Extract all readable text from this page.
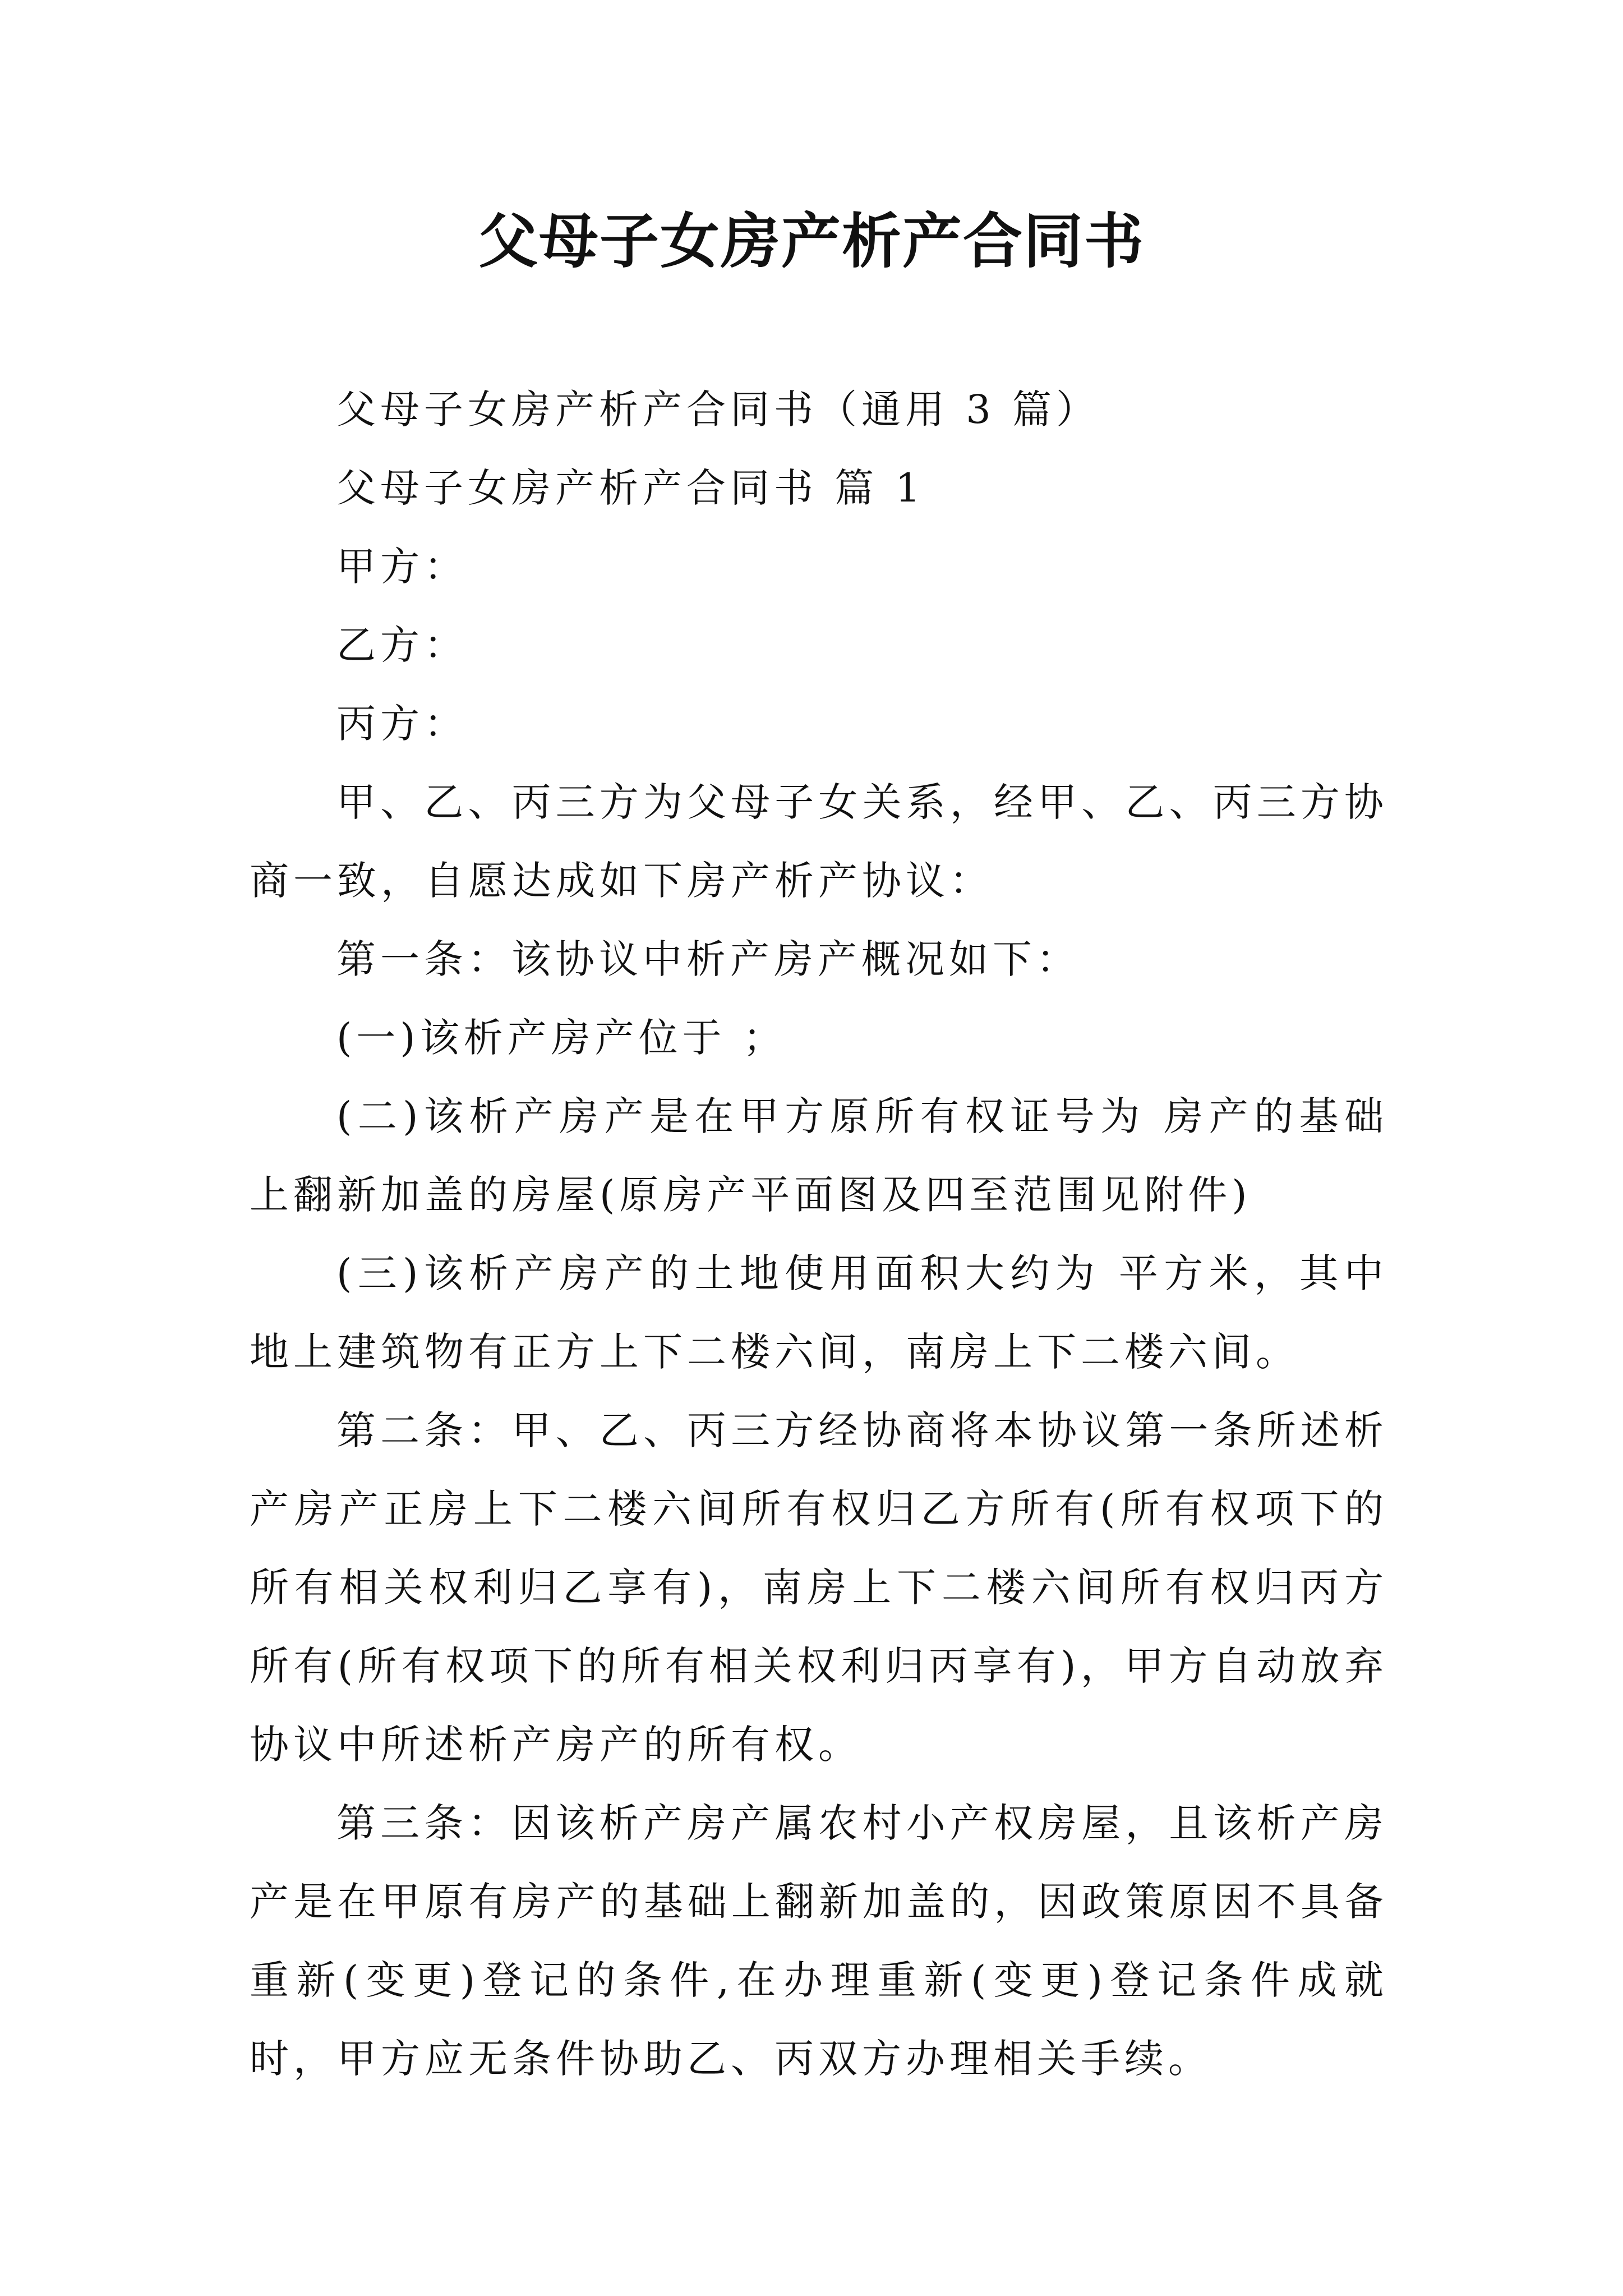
父母子女房产析产合同书

父母子女房产析产合同书（通用 3 篇）

父母子女房产析产合同书 篇 1

甲方：

乙方：

丙方：

甲、乙、丙三方为父母子女关系，经甲、乙、丙三方协商一致，自愿达成如下房产析产协议：

第一条：该协议中析产房产概况如下：

(一)该析产房产位于 ；

(二)该析产房产是在甲方原所有权证号为 房产的基础上翻新加盖的房屋(原房产平面图及四至范围见附件)

(三)该析产房产的土地使用面积大约为 平方米，其中地上建筑物有正方上下二楼六间，南房上下二楼六间。

第二条：甲、乙、丙三方经协商将本协议第一条所述析产房产正房上下二楼六间所有权归乙方所有(所有权项下的所有相关权利归乙享有)，南房上下二楼六间所有权归丙方所有(所有权项下的所有相关权利归丙享有)，甲方自动放弃协议中所述析产房产的所有权。

第三条：因该析产房产属农村小产权房屋，且该析产房产是在甲原有房产的基础上翻新加盖的，因政策原因不具备重新(变更)登记的条件,在办理重新(变更)登记条件成就时，甲方应无条件协助乙、丙双方办理相关手续。
